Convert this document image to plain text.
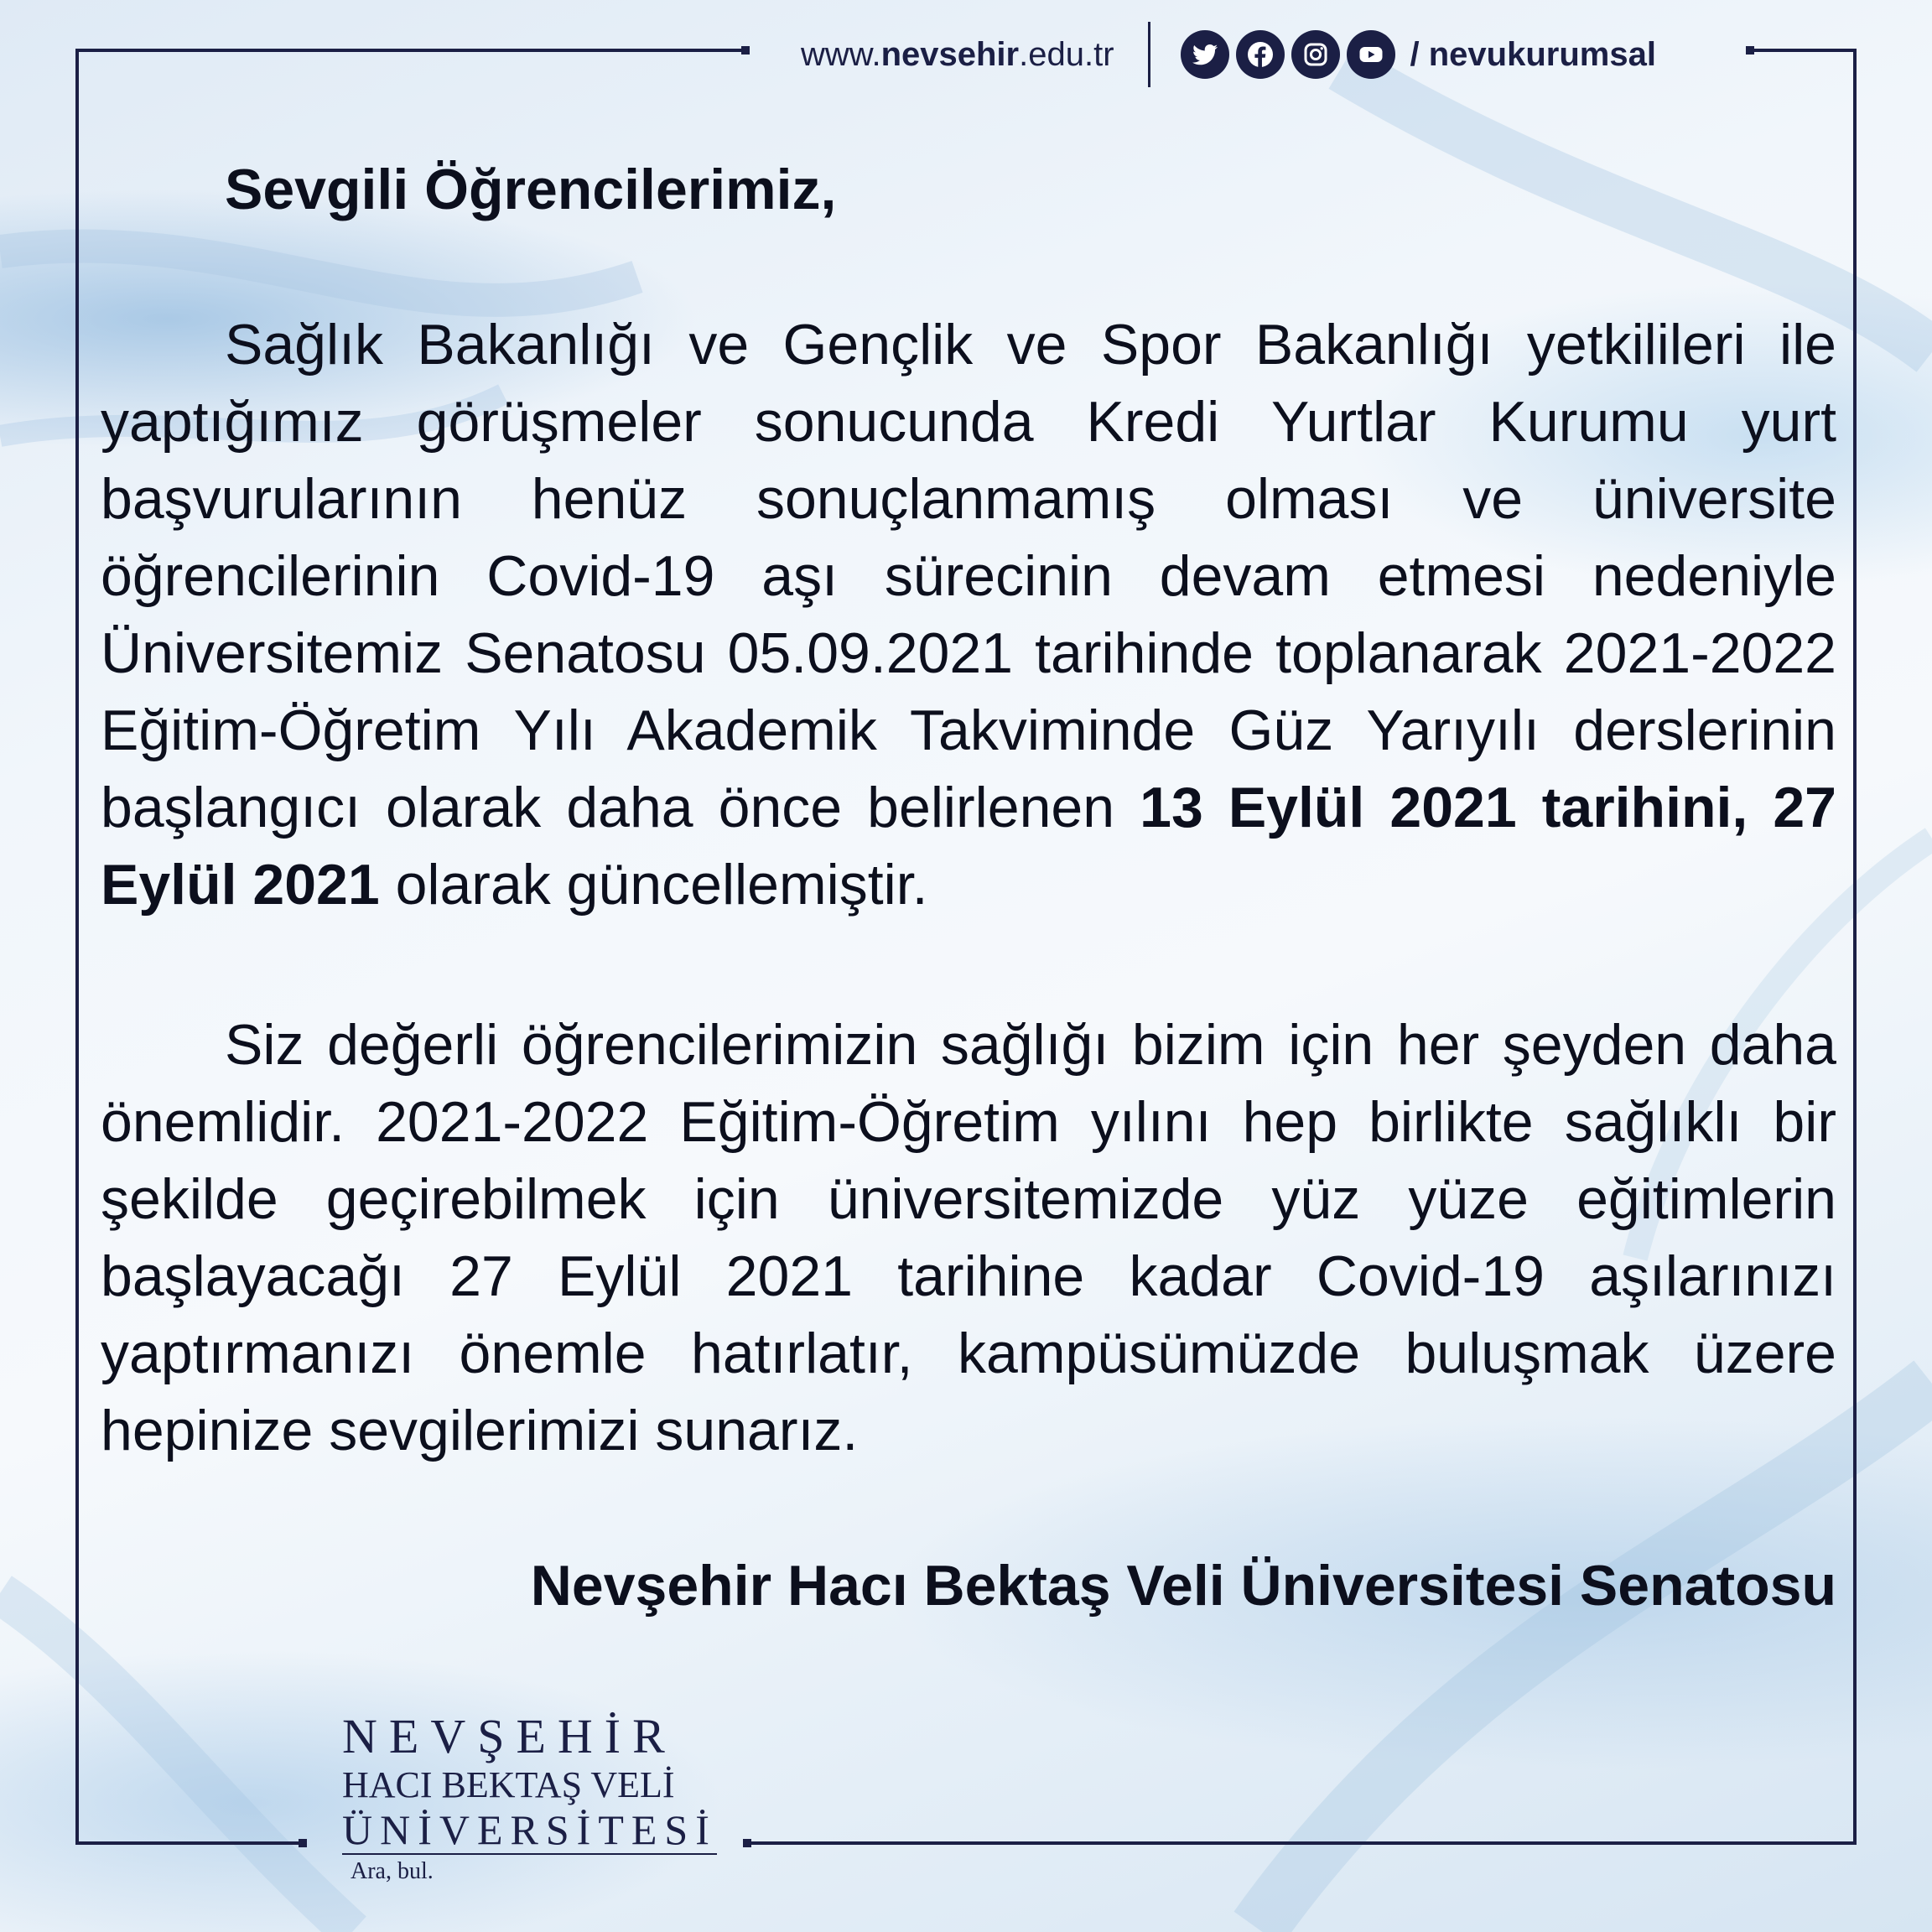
www.nevsehir.edu.tr	/ nevukurumsal
Sevgili Öğrencilerimiz,
Sağlık Bakanlığı ve Gençlik ve Spor Bakanlığı yetkilileri ile yaptığımız görüşmeler sonucunda Kredi Yurtlar Kurumu yurt başvurularının henüz sonuçlanmamış olması ve üniversite öğrencilerinin Covid-19 aşı sürecinin devam etmesi nedeniyle Üniversitemiz Senatosu 05.09.2021 tarihinde toplanarak 2021-2022 Eğitim-Öğretim Yılı Akademik Takviminde Güz Yarıyılı derslerinin başlangıcı olarak daha önce belirlenen 13 Eylül 2021 tarihini, 27 Eylül 2021 olarak güncellemiştir.
Siz değerli öğrencilerimizin sağlığı bizim için her şeyden daha önemlidir. 2021-2022 Eğitim-Öğretim yılını hep birlikte sağlıklı bir şekilde geçirebilmek için üniversitemizde yüz yüze eğitimlerin başlayacağı 27 Eylül 2021 tarihine kadar Covid-19 aşılarınızı yaptırmanızı önemle hatırlatır, kampüsümüzde buluşmak üzere hepinize sevgilerimizi sunarız.
Nevşehir Hacı Bektaş Veli Üniversitesi Senatosu
NEVŞEHİR
HACI BEKTAŞ VELİ
ÜNİVERSİTESİ
Ara, bul.
